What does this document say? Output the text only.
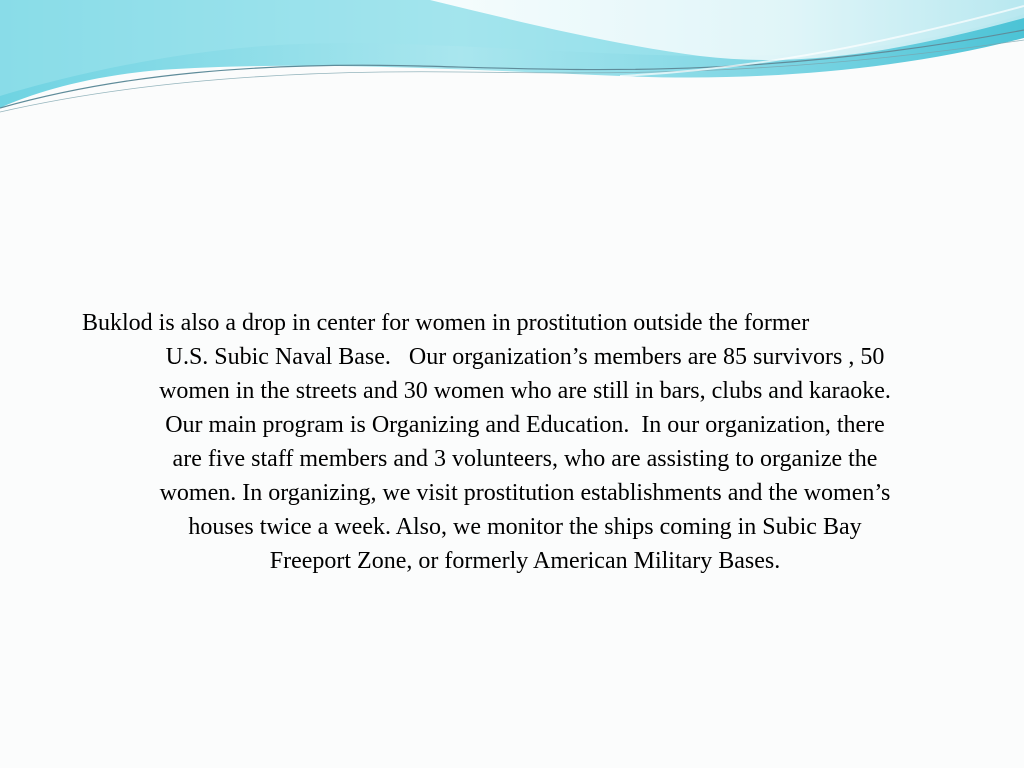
Buklod is also a drop in center for women in prostitution outside the former
U.S. Subic Naval Base.   Our organization’s members are 85 survivors , 50
women in the streets and 30 women who are still in bars, clubs and karaoke.
Our main program is Organizing and Education.  In our organization, there
are five staff members and 3 volunteers, who are assisting to organize the
women. In organizing, we visit prostitution establishments and the women’s
houses twice a week. Also, we monitor the ships coming in Subic Bay
Freeport Zone, or formerly American Military Bases.
